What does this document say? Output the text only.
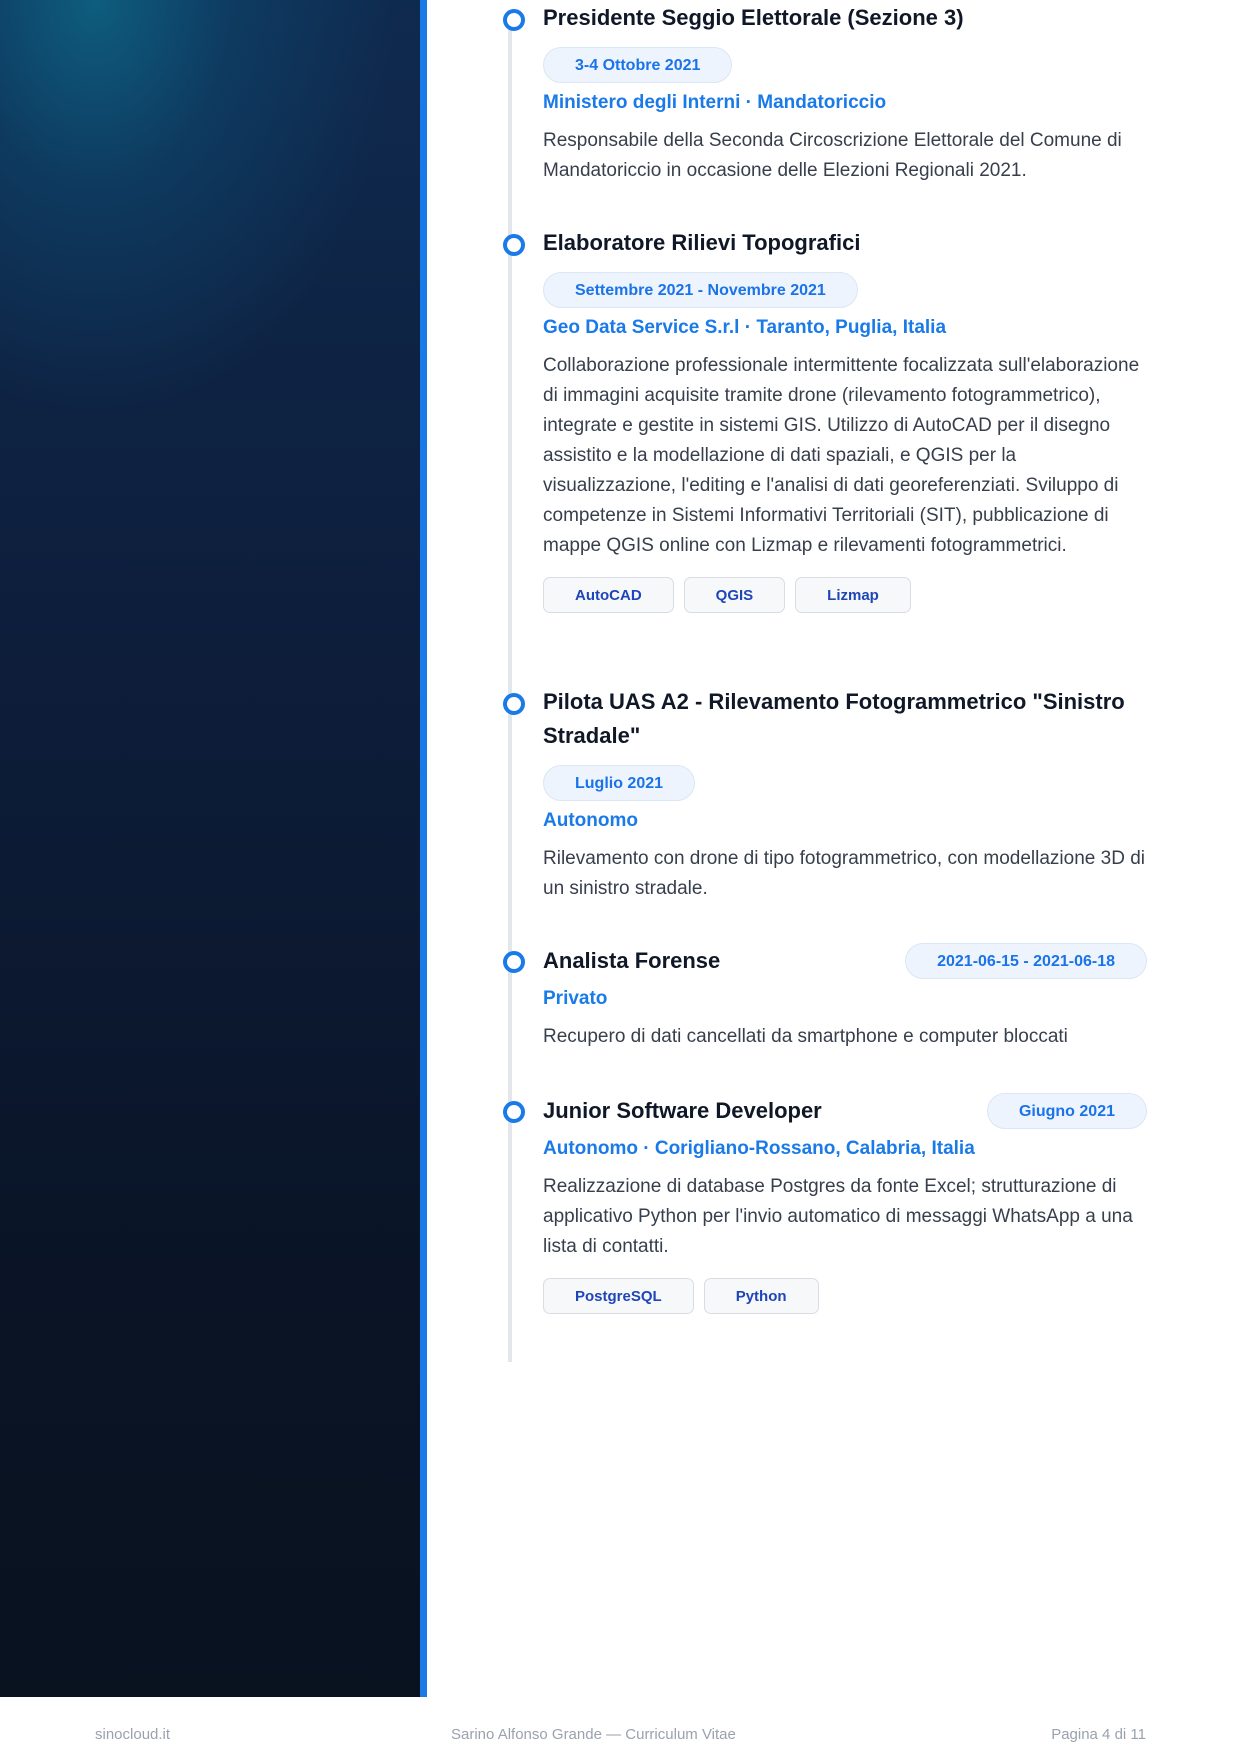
Presidente Seggio Elettorale (Sezione 3)
3-4 Ottobre 2021
Ministero degli Interni · Mandatoriccio

Responsabile della Seconda Circoscrizione Elettorale del Comune di Mandatoriccio in occasione delle Elezioni Regionali 2021.

Elaboratore Rilievi Topografici
Settembre 2021 - Novembre 2021
Geo Data Service S.r.l · Taranto, Puglia, Italia

Collaborazione professionale intermittente focalizzata sull'elaborazione di immagini acquisite tramite drone (rilevamento fotogrammetrico), integrate e gestite in sistemi GIS. Utilizzo di AutoCAD per il disegno assistito e la modellazione di dati spaziali, e QGIS per la visualizzazione, l'editing e l'analisi di dati georeferenziati. Sviluppo di competenze in Sistemi Informativi Territoriali (SIT), pubblicazione di mappe QGIS online con Lizmap e rilevamenti fotogrammetrici.

AutoCAD	QGIS	Lizmap
Pilota UAS A2 - Rilevamento Fotogrammetrico "Sinistro Stradale"
Luglio 2021
Autonomo

Rilevamento con drone di tipo fotogrammetrico, con modellazione 3D di un sinistro stradale.

Analista Forense	2021-06-15 - 2021-06-18
Privato

Recupero di dati cancellati da smartphone e computer bloccati

Junior Software Developer	Giugno 2021
Autonomo · Corigliano-Rossano, Calabria, Italia

Realizzazione di database Postgres da fonte Excel; strutturazione di applicativo Python per l'invio automatico di messaggi WhatsApp a una lista di contatti.

PostgreSQL	Python
sinocloud.it	Sarino Alfonso Grande — Curriculum Vitae	Pagina 4 di 11
